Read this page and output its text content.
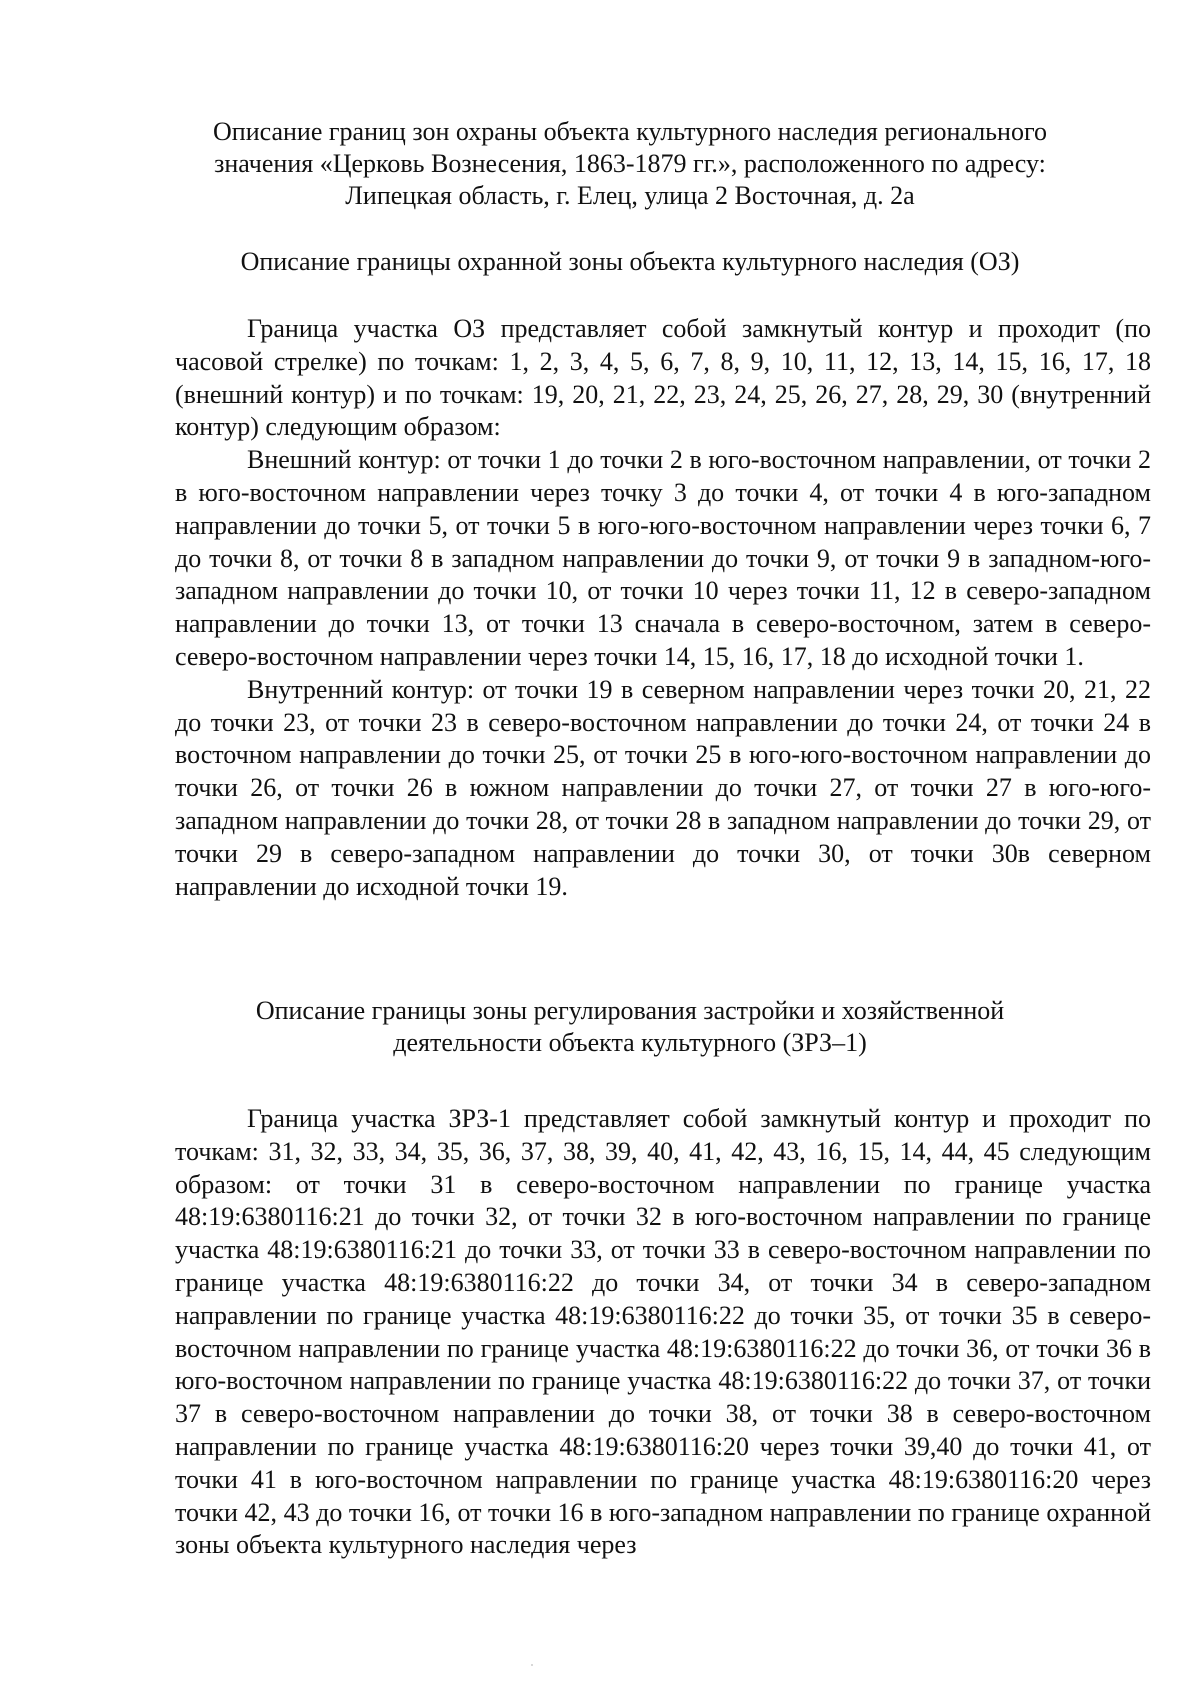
Описание границ зон охраны объекта культурного наследия регионального
значения «Церковь Вознесения, 1863-1879 гг.», расположенного по адресу:
Липецкая область, г. Елец, улица 2 Восточная, д. 2а
Описание границы охранной зоны объекта культурного наследия (ОЗ)

Граница участка ОЗ представляет собой замкнутый контур и проходит (по часовой стрелке) по точкам: 1, 2, 3, 4, 5, 6, 7, 8, 9, 10, 11, 12, 13, 14, 15, 16, 17, 18 (внешний контур) и по точкам: 19, 20, 21, 22, 23, 24, 25, 26, 27, 28, 29, 30 (внутренний контур) следующим образом:

Внешний контур: от точки 1 до точки 2 в юго-восточном направлении, от точки 2 в юго-восточном направлении через точку 3 до точки 4, от точки 4 в юго-западном направлении до точки 5, от точки 5 в юго-юго-восточном направлении через точки 6, 7 до точки 8, от точки 8 в западном направлении до точки 9, от точки 9 в западном-юго-западном направлении до точки 10, от точки 10 через точки 11, 12 в северо-западном направлении до точки 13, от точки 13 сначала в северо-восточном, затем в северо-северо-восточном направлении через точки 14, 15, 16, 17, 18 до исходной точки 1.

Внутренний контур: от точки 19 в северном направлении через точки 20, 21, 22 до точки 23, от точки 23 в северо-восточном направлении до точки 24, от точки 24 в восточном направлении до точки 25, от точки 25 в юго-юго-восточном направлении до точки 26, от точки 26 в южном направлении до точки 27, от точки 27 в юго-юго-западном направлении до точки 28, от точки 28 в западном направлении до точки 29, от точки 29 в северо-западном направлении до точки 30, от точки 30в северном направлении до исходной точки 19.

Описание границы зоны регулирования застройки и хозяйственной
деятельности объекта культурного (ЗРЗ–1)

Граница участка ЗРЗ-1 представляет собой замкнутый контур и проходит по точкам: 31, 32, 33, 34, 35, 36, 37, 38, 39, 40, 41, 42, 43, 16, 15, 14, 44, 45 следующим образом: от точки 31 в северо-восточном направлении по границе участка 48:19:6380116:21 до точки 32, от точки 32 в юго-восточном направлении по границе участка 48:19:6380116:21 до точки 33, от точки 33 в северо-восточном направлении по границе участка 48:19:6380116:22 до точки 34, от точки 34 в северо-западном направлении по границе участка 48:19:6380116:22 до точки 35, от точки 35 в северо-восточном направлении по границе участка 48:19:6380116:22 до точки 36, от точки 36 в юго-восточном направлении по границе участка 48:19:6380116:22 до точки 37, от точки 37 в северо-восточном направлении до точки 38, от точки 38 в северо-восточном направлении по границе участка 48:19:6380116:20 через точки 39,40 до точки 41, от точки 41 в юго-восточном направлении по границе участка 48:19:6380116:20 через точки 42, 43 до точки 16, от точки 16 в юго-западном направлении по границе охранной зоны объекта культурного наследия через
